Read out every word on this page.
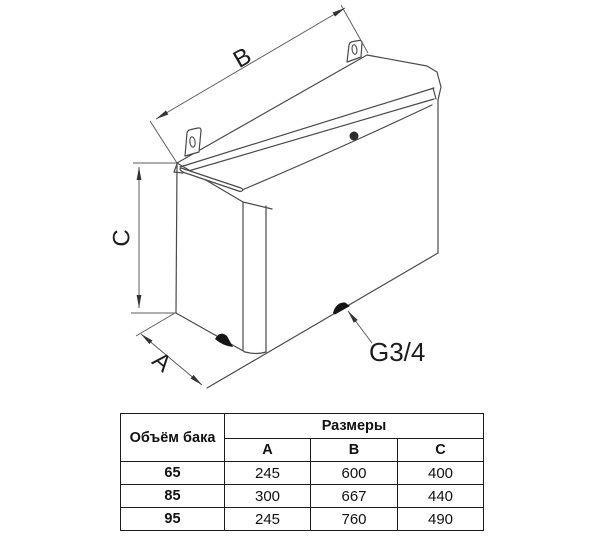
B
C
A	G3/4
Объём бака	Размеры		
	A	B	C
65	245	600	400
85	300	667	440
95	245	760	490
